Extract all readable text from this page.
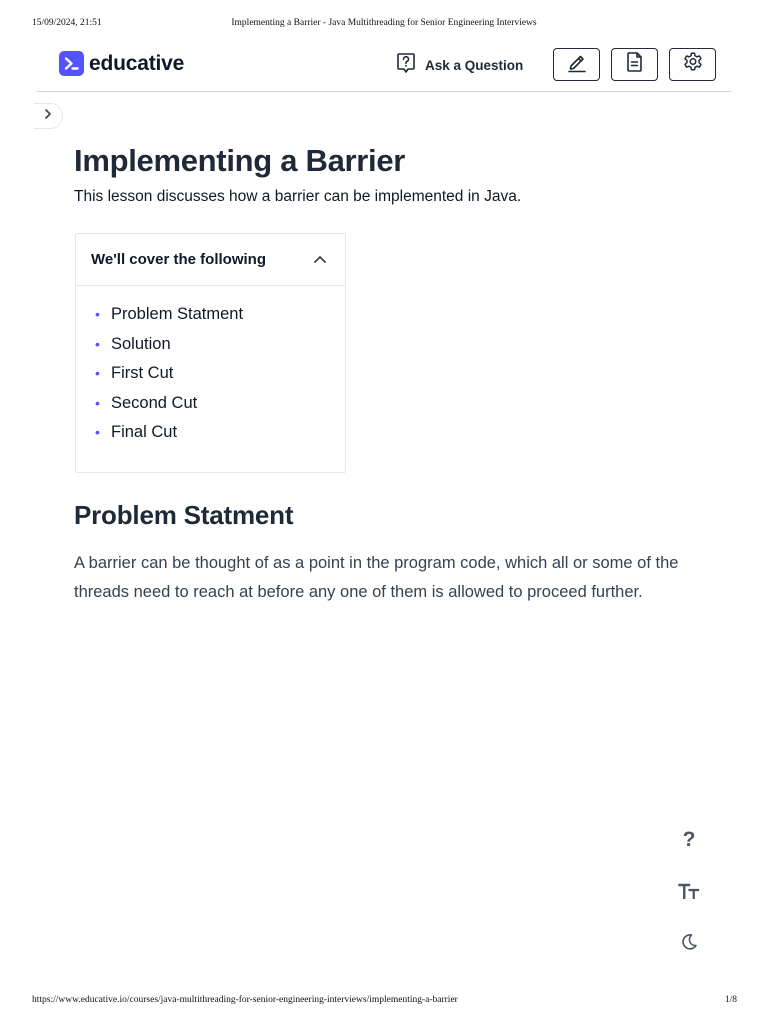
15/09/2024, 21:51	Implementing a Barrier - Java Multithreading for Senior Engineering Interviews
educative	Ask a Question
Implementing a Barrier

This lesson discusses how a barrier can be implemented in Java.

We'll cover the following
• Problem Statment
• Solution
• First Cut
• Second Cut
• Final Cut
Problem Statment

A barrier can be thought of as a point in the program code, which all or some of the threads need to reach at before any one of them is allowed to proceed further.

?
https://www.educative.io/courses/java-multithreading-for-senior-engineering-interviews/implementing-a-barrier	1/8
